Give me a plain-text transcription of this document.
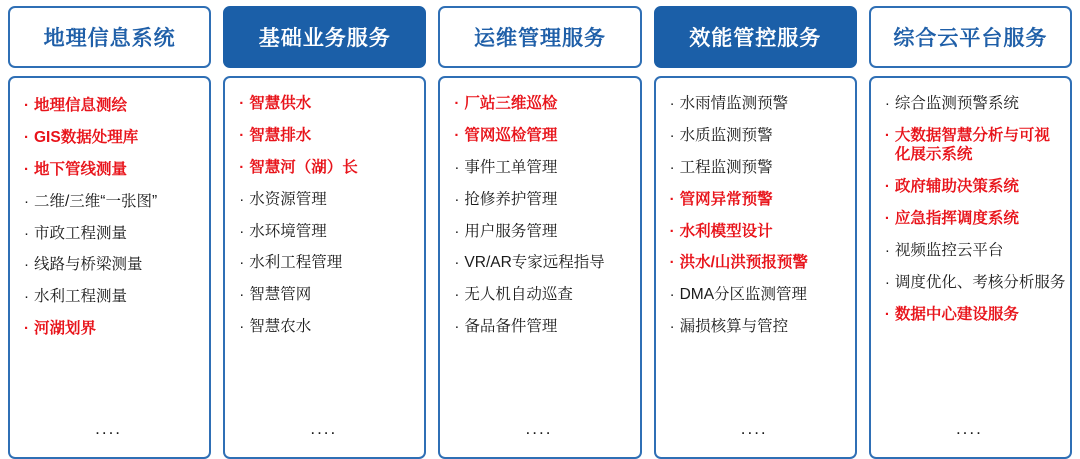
地理信息系统
· 地理信息测绘
· GIS数据处理库
· 地下管线测量
· 二维/三维“一张图”
· 市政工程测量
· 线路与桥梁测量
· 水利工程测量
· 河湖划界
....
基础业务服务
· 智慧供水
· 智慧排水
· 智慧河（湖）长
· 水资源管理
· 水环境管理
· 水利工程管理
· 智慧管网
· 智慧农水
....
运维管理服务
· 厂站三维巡检
· 管网巡检管理
· 事件工单管理
· 抢修养护管理
· 用户服务管理
· VR/AR专家远程指导
· 无人机自动巡查
· 备品备件管理
....
效能管控服务
· 水雨情监测预警
· 水质监测预警
· 工程监测预警
· 管网异常预警
· 水利模型设计
· 洪水/山洪预报预警
· DMA分区监测管理
· 漏损核算与管控
....
综合云平台服务
· 综合监测预警系统
· 大数据智慧分析与可视化展示系统
· 政府辅助决策系统
· 应急指挥调度系统
· 视频监控云平台
· 调度优化、考核分析服务
· 数据中心建设服务
....
